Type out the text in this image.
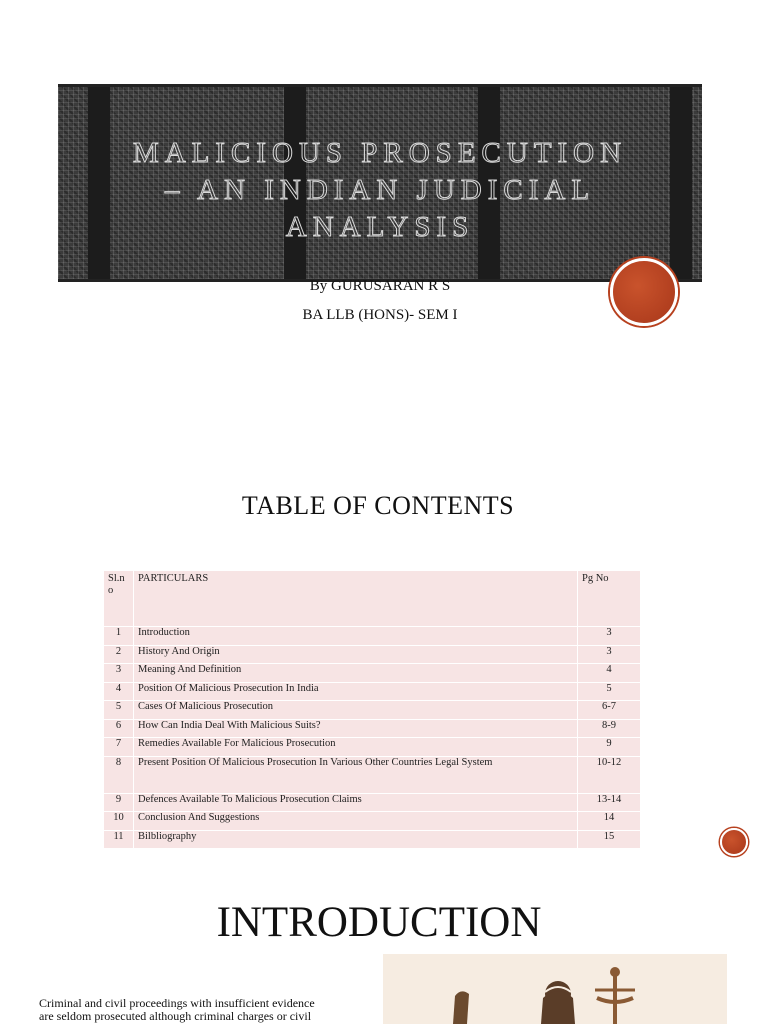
MALICIOUS PROSECUTION
– AN INDIAN JUDICIAL
ANALYSIS
By GURUSARAN R S
BA LLB (HONS)- SEM I
TABLE OF CONTENTS
Sl.n o	PARTICULARS	Pg No
1	Introduction	3
2	History And Origin	3
3	Meaning And Definition	4
4	Position Of Malicious Prosecution In India	5
5	Cases Of Malicious Prosecution	6-7
6	How Can India Deal With Malicious Suits?	8-9
7	Remedies Available For Malicious Prosecution	9
8	Present Position Of Malicious Prosecution In Various Other Countries Legal System	10-12
9	Defences Available To Malicious Prosecution Claims	13-14
10	Conclusion And Suggestions	14
11	Bilbliography	15
INTRODUCTION
Criminal and civil proceedings with insufficient evidence
are seldom prosecuted although criminal charges or civil
